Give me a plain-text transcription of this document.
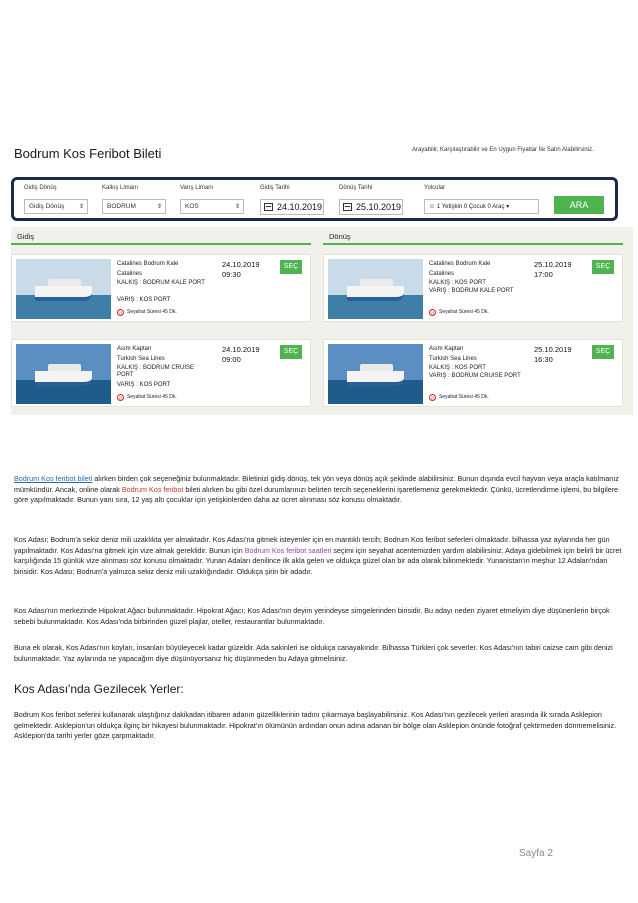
Bodrum Kos Feribot Bileti	Arayabilir, Karşılaştırabilir ve En Uygun Fiyatlar İle Satın Alabilirsiniz.
Gidiş Dönüş
Gidiş Dönüş ⇕
Kalkış Limanı
BODRUM	⇕
Varış Limanı
KOS	⇕
Gidiş Tarihi
24.10.2019
Dönüş Tarihi
25.10.2019
Yolcular
☺ 1 Yetişkin 0 Çocuk 0 Araç ▾	ARA
Gidiş	Dönüş
Catalines Bodrum Kale
Catalines
KALKIŞ : BODRUM KALE PORT
VARIŞ : KOS PORT
◷ Seyahat Süresi 45 Dk.
24.10.2019
09:30
SEÇ
Asım Kaptan
Turkish Sea Lines
KALKIŞ : BODRUM CRUISE PORT
VARIŞ : KOS PORT
◷ Seyahat Süresi 45 Dk.
24.10.2019
09:00
SEÇ
Catalines Bodrum Kale
Catalines
KALKIŞ : KOS PORT
VARIŞ : BODRUM KALE PORT
◷ Seyahat Süresi 45 Dk.
25.10.2019
17:00
SEÇ
Asım Kaptan
Turkish Sea Lines
KALKIŞ : KOS PORT
VARIŞ : BODRUM CRUISE PORT
◷ Seyahat Süresi 45 Dk.
25.10.2019
16:30
SEÇ
Bodrum Kos feribot bileti alırken birden çok seçeneğiniz bulunmaktadır. Biletinizi gidiş dönüş, tek yön veya dönüş açık şeklinde alabilirsiniz. Bunun dışında evcil hayvan veya araçla katılmanız mümkündür. Ancak, online olarak Bodrum Kos feribot bileti alırken bu gibi özel durumlarınızı belirten tercih seçeneklerini işaretlemeniz gerekmektedir. Çünkü, ücretlendirme işlemi, bu bilgilere göre yapılmaktadır. Bunun yanı sıra, 12 yaş altı çocuklar için yetişkinlerden daha az ücret alınması söz konusu olmaktadır.
Kos Adası; Bodrum'a sekiz deniz mili uzaklıkta yer almaktadır. Kos Adası'na gitmek isteyenler için en mantıklı tercih; Bodrum Kos feribot seferleri olmaktadır. bilhassa yaz aylarında her gün yapılmaktadır. Kos Adası'na gitmek için vize almak gereklidir. Bunun için Bodrum Kos feribot saatleri seçimi için seyahat acentemizden yardım alabilirsiniz. Adaya gidebilmek için belirli bir ücret karşılığında 15 günlük vize alınması söz konusu olmaktadır. Yunan Adaları denilince ilk akla gelen ve oldukça güzel olan bir ada olarak bilinmektedir. Yunanistan'ın meşhur 12 Adaları'ndan birisidir. Kos Adası; Bodrum'a yalnızca sekiz deniz mili uzaklığındadır. Oldukça şirin bir adadır.
Kos Adası'nın merkezinde Hipokrat Ağacı bulunmaktadır. Hipokrat Ağacı; Kos Adası'nın deyim yerindeyse simgelerinden birisidir. Bu adayı neden ziyaret etmeliyim diye düşünenlerin birçok sebebi bulunmaktadır. Kos Adası'nda birbirinden güzel plajlar, oteller, restaurantlar bulunmaktadır.
Buna ek olarak, Kos Adası'nın koyları, insanları büyüleyecek kadar güzeldir. Ada sakinleri ise oldukça canayakındır. Bilhassa Türkleri çok severler. Kos Adası'nın tabiri caizse cam gibi denizi bulunmaktadır. Yaz aylarında ne yapacağım diye düşünüyorsanız hiç düşünmeden bu Adaya gitmelisiniz.
Kos Adası'nda Gezilecek Yerler:
Bodrum Kos feribot seferini kullanarak ulaştığınız dakikadan itibaren adanın güzelliklerinin tadını çıkarmaya başlayabilirsiniz. Kos Adası'nın gezilecek yerleri arasında ilk sırada Asklepion gelmektedir. Asklepion'un oldukça ilginç bir hikayesi bulunmaktadır. Hipokrat'ın ölümünün ardından onun adına adanan bir bölge olan Asklepion önünde fotoğraf çektirmeden dönmemelisiniz. Asklepion'da tarihi yerler göze çarpmaktadır.
Sayfa 2
